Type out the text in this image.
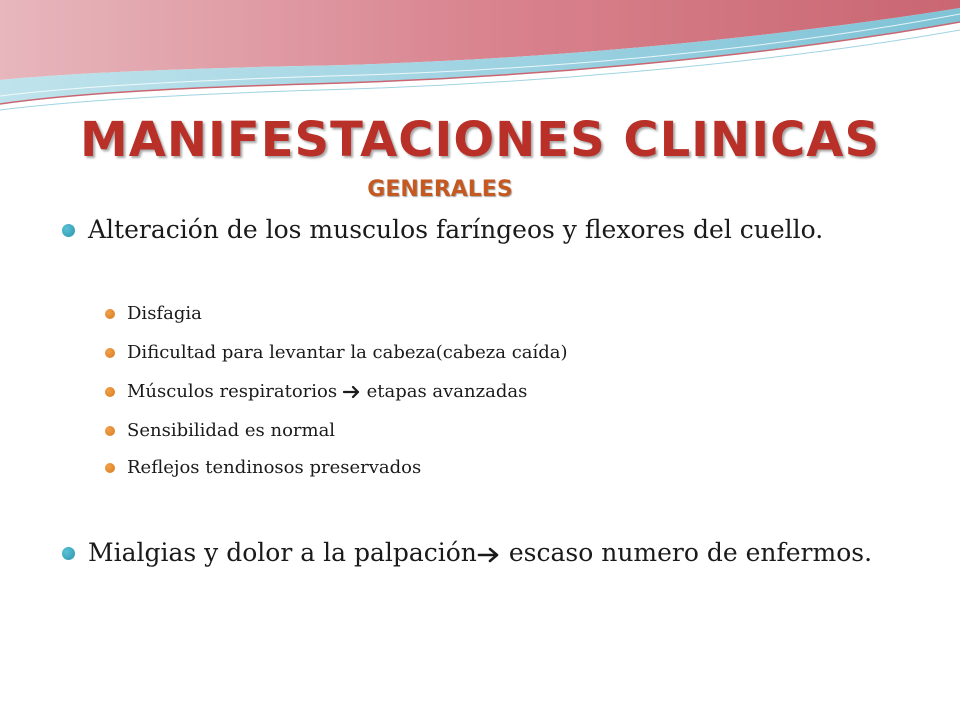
MANIFESTACIONES CLINICAS
GENERALES
Alteración de los musculos faríngeos y flexores del cuello.
Disfagia
Dificultad para levantar la cabeza(cabeza caída)
Músculos respiratorios etapas avanzadas
Sensibilidad es normal
Reflejos tendinosos preservados
Mialgias y dolor a la palpación escaso numero de enfermos.
